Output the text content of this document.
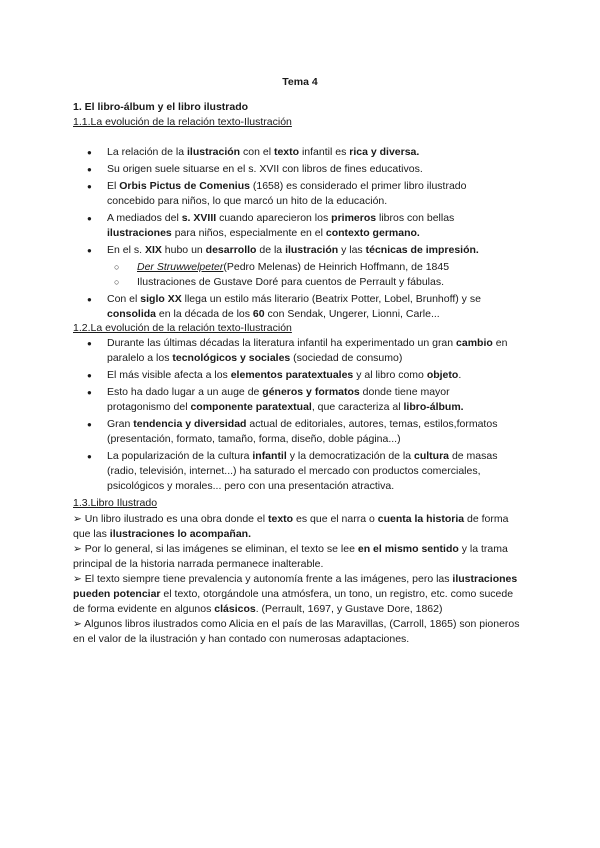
Tema 4
1. El libro-álbum y el libro ilustrado
1.1.La evolución de la relación texto-Ilustración
● La relación de la ilustración con el texto infantil es rica y diversa.
● Su origen suele situarse en el s. XVII con libros de fines educativos.
● El Orbis Pictus de Comenius (1658) es considerado el primer libro ilustrado concebido para niños, lo que marcó un hito de la educación.
● A mediados del s. XVIII cuando aparecieron los primeros libros con bellas ilustraciones para niños, especialmente en el contexto germano.
● En el s. XIX hubo un desarrollo de la ilustración y las técnicas de impresión.
○ Der Struwwelpeter(Pedro Melenas) de Heinrich Hoffmann, de 1845
○ Ilustraciones de Gustave Doré para cuentos de Perrault y fábulas.
● Con el siglo XX llega un estilo más literario (Beatrix Potter, Lobel, Brunhoff) y se consolida en la década de los 60 con Sendak, Ungerer, Lionni, Carle...
1.2.La evolución de la relación texto-Ilustración
● Durante las últimas décadas la literatura infantil ha experimentado un gran cambio en paralelo a los tecnológicos y sociales (sociedad de consumo)
● El más visible afecta a los elementos paratextuales y al libro como objeto.
● Esto ha dado lugar a un auge de géneros y formatos donde tiene mayor protagonismo del componente paratextual, que caracteriza al libro-álbum.
● Gran tendencia y diversidad actual de editoriales, autores, temas, estilos,formatos (presentación, formato, tamaño, forma, diseño, doble página...)
● La popularización de la cultura infantil y la democratización de la cultura de masas (radio, televisión, internet...) ha saturado el mercado con productos comerciales, psicológicos y morales... pero con una presentación atractiva.
1.3.Libro Ilustrado

➢ Un libro ilustrado es una obra donde el texto es que el narra o cuenta la historia de forma que las ilustraciones lo acompañan.

➢ Por lo general, si las imágenes se eliminan, el texto se lee en el mismo sentido y la trama principal de la historia narrada permanece inalterable.

➢ El texto siempre tiene prevalencia y autonomía frente a las imágenes, pero las ilustraciones pueden potenciar el texto, otorgándole una atmósfera, un tono, un registro, etc. como sucede de forma evidente en algunos clásicos. (Perrault, 1697, y Gustave Dore, 1862)

➢ Algunos libros ilustrados como Alicia en el país de las Maravillas, (Carroll, 1865) son pioneros en el valor de la ilustración y han contado con numerosas adaptaciones.
